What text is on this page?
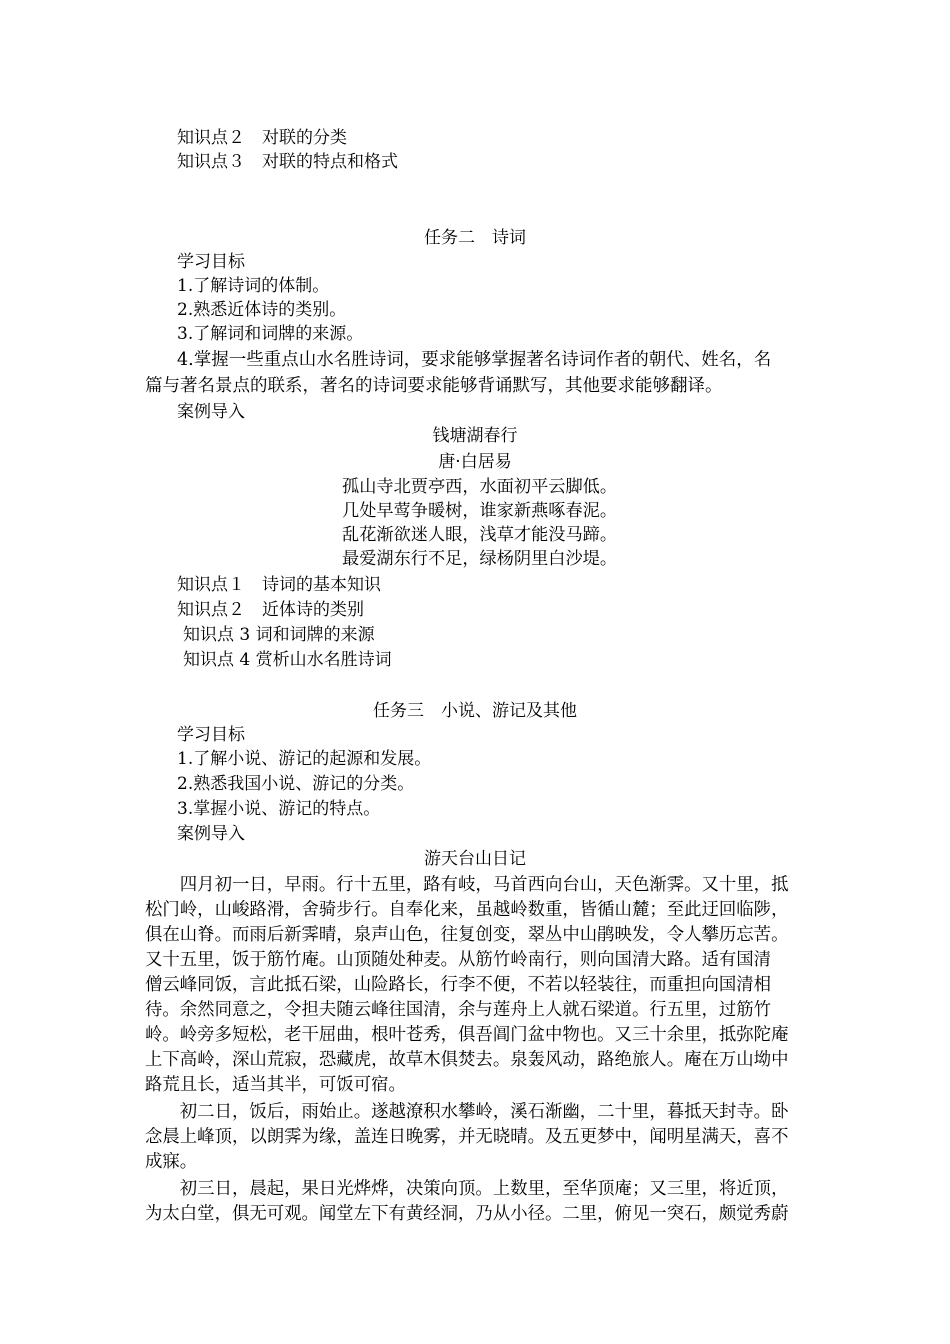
知识点２　对联的分类
知识点３　对联的特点和格式
任务二　诗词
学习目标
1.了解诗词的体制。
2.熟悉近体诗的类别。
3.了解词和词牌的来源。
4.掌握一些重点山水名胜诗词，要求能够掌握著名诗词作者的朝代、姓名，名
篇与著名景点的联系，著名的诗词要求能够背诵默写，其他要求能够翻译。
案例导入
钱塘湖春行
唐·白居易
孤山寺北贾亭西，水面初平云脚低。
几处早莺争暖树，谁家新燕啄春泥。
乱花渐欲迷人眼，浅草才能没马蹄。
最爱湖东行不足，绿杨阴里白沙堤。
知识点１　诗词的基本知识
知识点２　近体诗的类别
知识点 3 词和词牌的来源
知识点 4 赏析山水名胜诗词
任务三　小说、游记及其他
学习目标
1.了解小说、游记的起源和发展。
2.熟悉我国小说、游记的分类。
3.掌握小说、游记的特点。
案例导入
游天台山日记
　　四月初一日，早雨。行十五里，路有岐，马首西向台山，天色渐霁。又十里，抵
松门岭，山峻路滑，舍骑步行。自奉化来，虽越岭数重，皆循山麓；至此迂回临陟，
俱在山脊。而雨后新霁晴，泉声山色，往复创变，翠丛中山鹃映发，令人攀历忘苦。
又十五里，饭于筋竹庵。山顶随处种麦。从筋竹岭南行，则向国清大路。适有国清
僧云峰同饭，言此抵石梁，山险路长，行李不便，不若以轻装往，而重担向国清相
待。余然同意之，令担夫随云峰往国清，余与莲舟上人就石梁道。行五里，过筋竹
岭。岭旁多短松，老干屈曲，根叶苍秀，俱吾阊门盆中物也。又三十余里，抵弥陀庵
上下高岭，深山荒寂，恐藏虎，故草木俱焚去。泉轰风动，路绝旅人。庵在万山坳中
路荒且长，适当其半，可饭可宿。
　　初二日，饭后，雨始止。遂越潦积水攀岭，溪石渐幽，二十里，暮抵天封寺。卧
念晨上峰顶，以朗霁为缘，盖连日晚雾，并无晓晴。及五更梦中，闻明星满天，喜不
成寐。
　　初三日，晨起，果日光烨烨，决策向顶。上数里，至华顶庵；又三里，将近顶，
为太白堂，俱无可观。闻堂左下有黄经洞，乃从小径。二里，俯见一突石，颇觉秀蔚
